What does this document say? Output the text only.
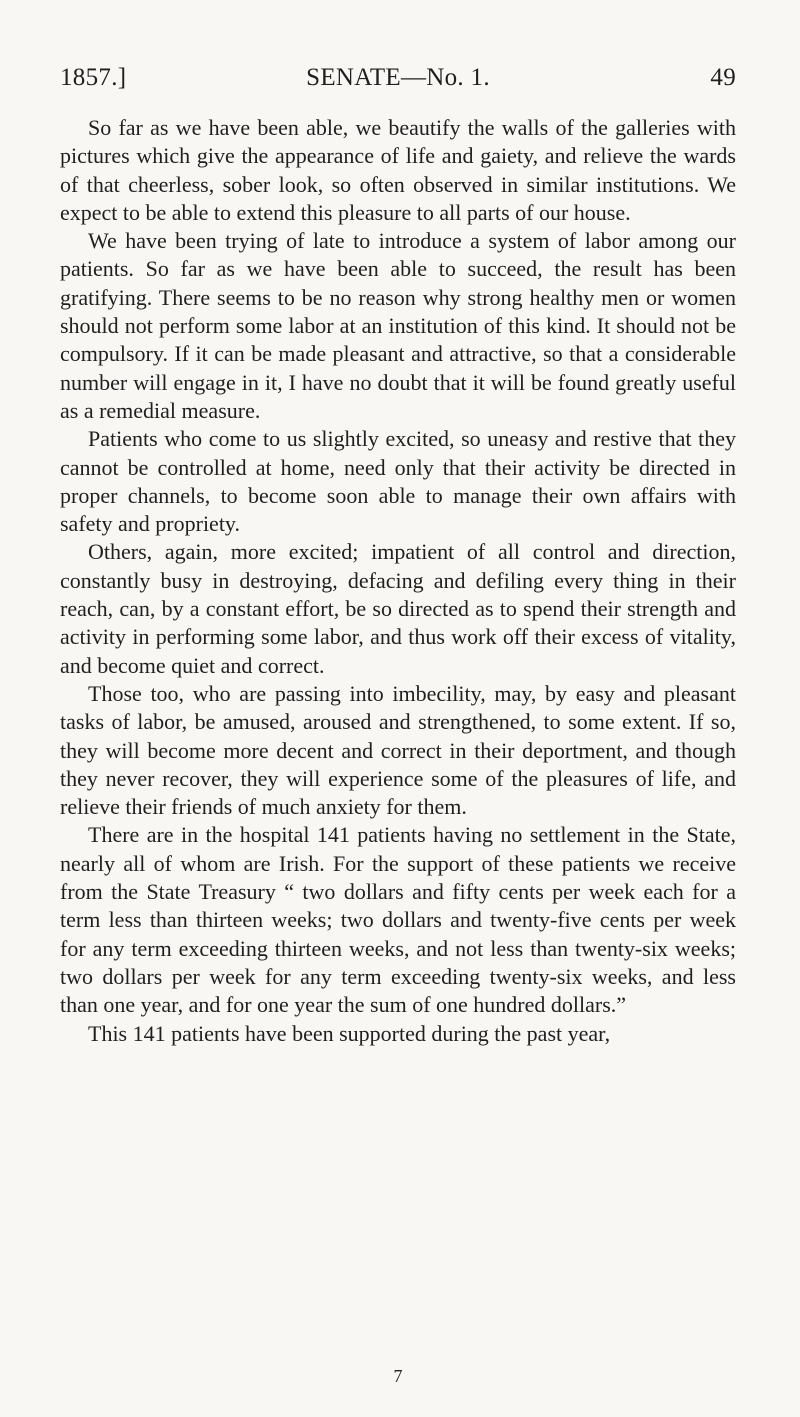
1857.]	SENATE—No. 1.	49

So far as we have been able, we beautify the walls of the galleries with pictures which give the appearance of life and gaiety, and relieve the wards of that cheerless, sober look, so often observed in similar institutions. We expect to be able to extend this pleasure to all parts of our house.

We have been trying of late to introduce a system of labor among our patients. So far as we have been able to succeed, the result has been gratifying. There seems to be no reason why strong healthy men or women should not perform some labor at an institution of this kind. It should not be compulsory. If it can be made pleasant and attractive, so that a considerable number will engage in it, I have no doubt that it will be found greatly useful as a remedial measure.

Patients who come to us slightly excited, so uneasy and restive that they cannot be controlled at home, need only that their activity be directed in proper channels, to become soon able to manage their own affairs with safety and propriety.

Others, again, more excited; impatient of all control and direction, constantly busy in destroying, defacing and defiling every thing in their reach, can, by a constant effort, be so directed as to spend their strength and activity in performing some labor, and thus work off their excess of vitality, and become quiet and correct.

Those too, who are passing into imbecility, may, by easy and pleasant tasks of labor, be amused, aroused and strengthened, to some extent. If so, they will become more decent and correct in their deportment, and though they never recover, they will experience some of the pleasures of life, and relieve their friends of much anxiety for them.

There are in the hospital 141 patients having no settlement in the State, nearly all of whom are Irish. For the support of these patients we receive from the State Treasury “ two dollars and fifty cents per week each for a term less than thirteen weeks; two dollars and twenty-five cents per week for any term exceeding thirteen weeks, and not less than twenty-six weeks; two dollars per week for any term exceeding twenty-six weeks, and less than one year, and for one year the sum of one hundred dollars.”

This 141 patients have been supported during the past year,

7
